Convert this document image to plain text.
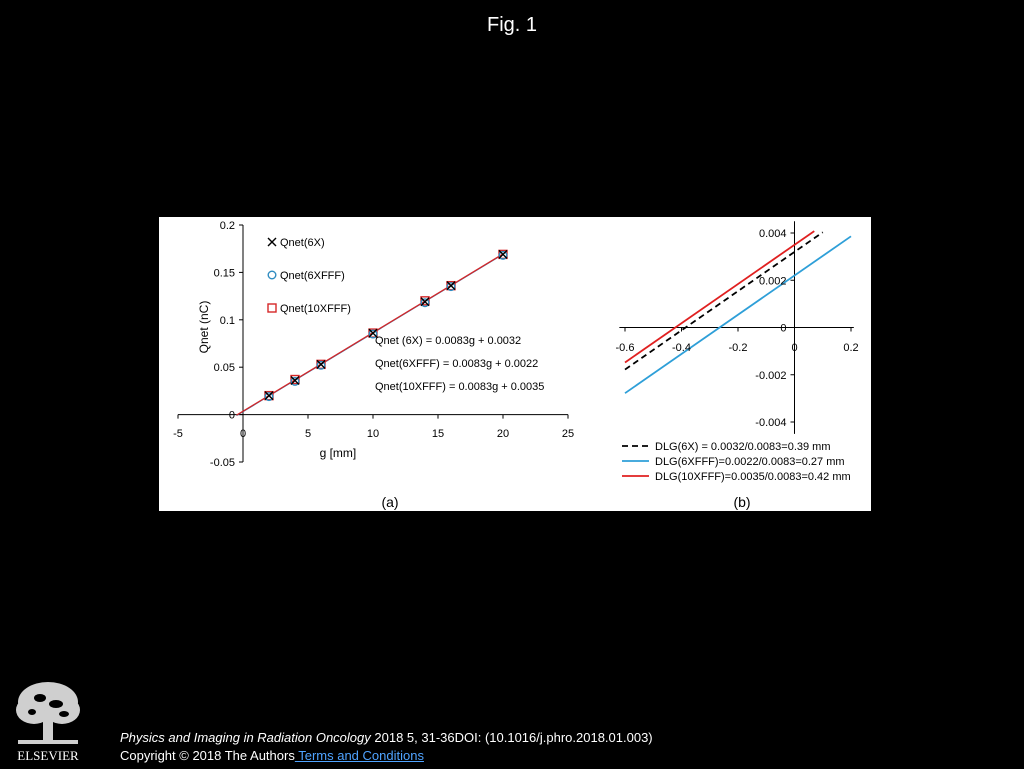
Fig. 1
-5	0	5	10	15	20	25
-0.05
0
0.05
0.1
0.15
0.2
g [mm]
Qnet (nC)
Qnet(6X)
Qnet(6XFFF)
Qnet(10XFFF)
Qnet (6X) = 0.0083g + 0.0032
Qnet(6XFFF) = 0.0083g + 0.0022
Qnet(10XFFF) = 0.0083g + 0.0035
(a)
-0.6	-0.4	-0.2	0	0.2
-0.004
-0.002
0
0.002
0.004
DLG(6X) = 0.0032/0.0083=0.39 mm
DLG(6XFFF)=0.0022/0.0083=0.27 mm
DLG(10XFFF)=0.0035/0.0083=0.42 mm
(b)
ELSEVIER
Physics and Imaging in Radiation Oncology 2018 5, 31-36DOI: (10.1016/j.phro.2018.01.003)
Copyright © 2018 The Authors Terms and Conditions
